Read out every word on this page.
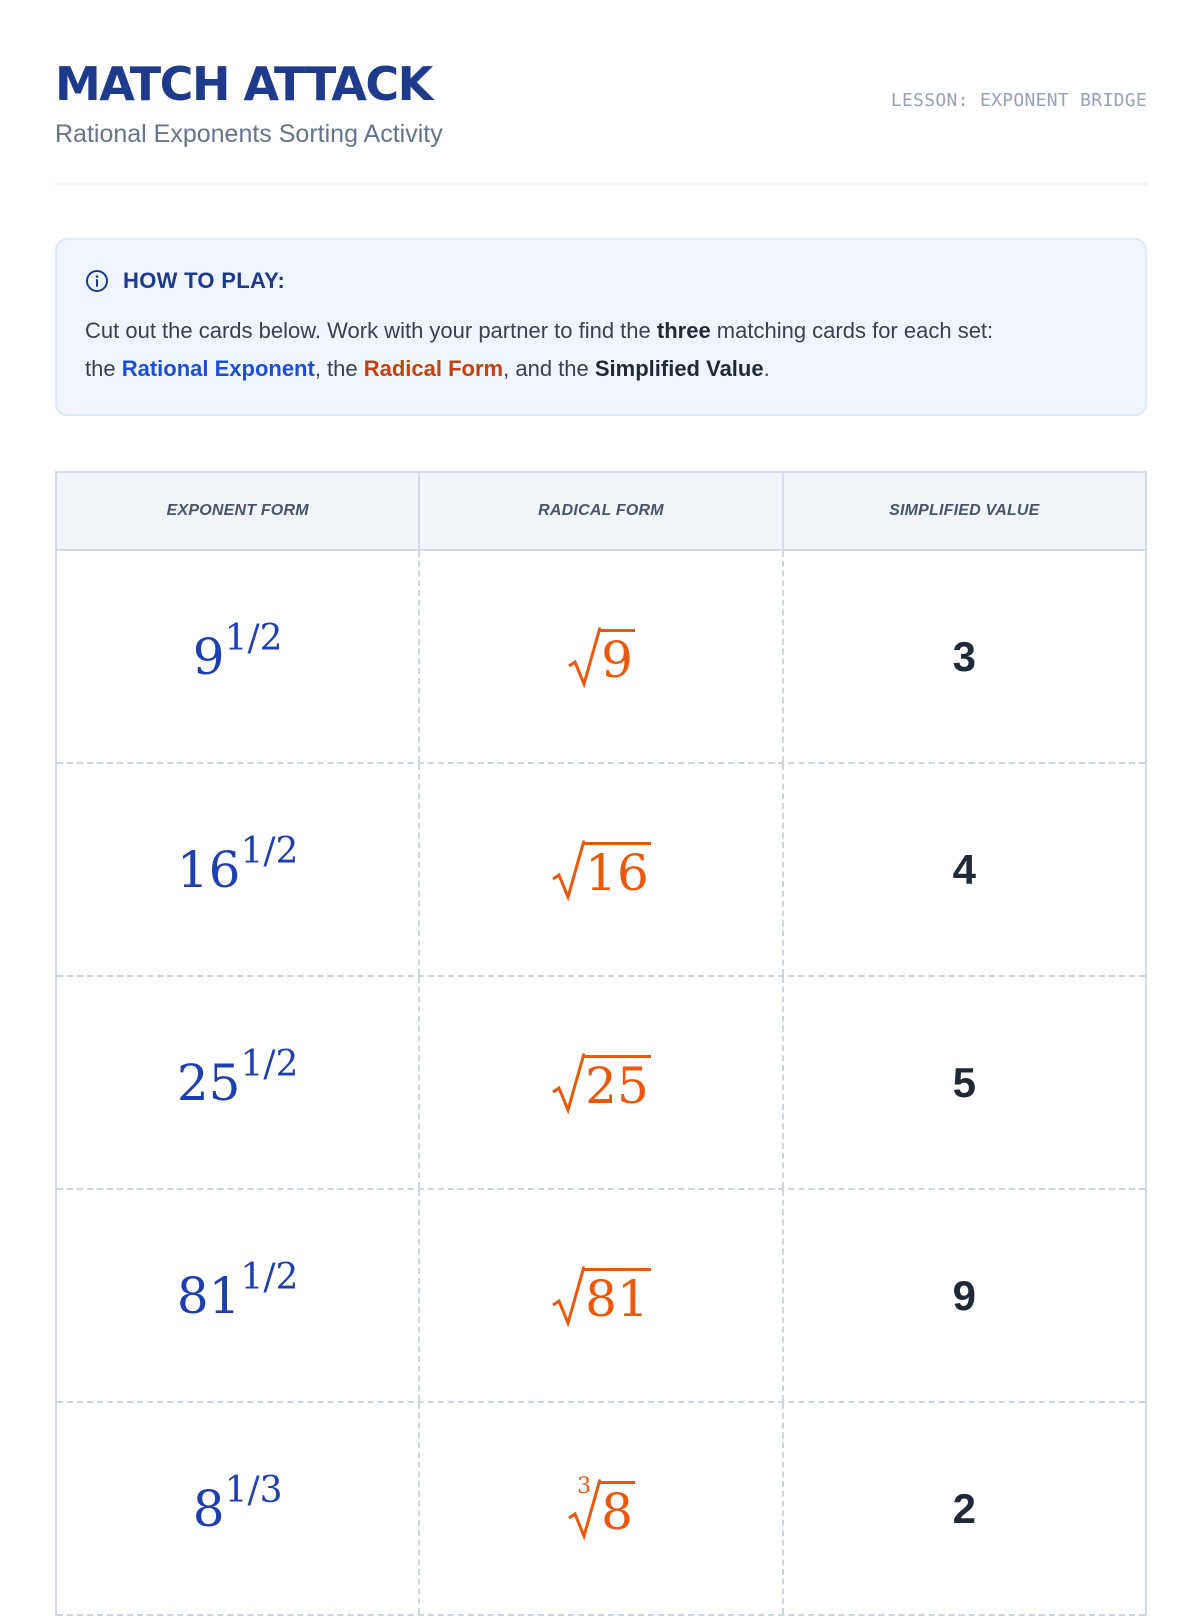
MATCH ATTACK
Rational Exponents Sorting Activity
LESSON: EXPONENT BRIDGE
HOW TO PLAY:
Cut out the cards below. Work with your partner to find the three matching cards for each set:
the Rational Exponent, the Radical Form, and the Simplified Value.
EXPONENT FORM	RADICAL FORM	SIMPLIFIED VALUE
$9^{1/2}$	9	3
$16^{1/2}$	16	4
$25^{1/2}$	25	5
$81^{1/2}$	81	9
$8^{1/3}$	3 8	2
